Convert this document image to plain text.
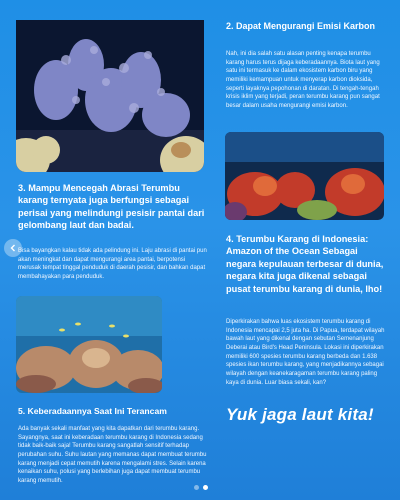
2. Dapat Mengurangi Emisi Karbon
Nah, ini dia salah satu alasan penting kenapa terumbu karang harus terus dijaga keberadaannya. Biota laut yang satu ini termasuk ke dalam ekosistem karbon biru yang memiliki kemampuan untuk menyerap karbon dioksida, seperti layaknya pepohonan di daratan. Di tengah-tengah krisis iklim yang terjadi, peran terumbu karang pun sangat besar dalam usaha mengurangi emisi karbon.
3. Mampu Mencegah Abrasi Terumbu karang ternyata juga berfungsi sebagai perisai yang melindungi pesisir pantai dari gelombang laut dan badai.
Bisa bayangkan kalau tidak ada pelindung ini. Laju abrasi di pantai pun akan meningkat dan dapat mengurangi area pantai, berpotensi merusak tempat tinggal penduduk di daerah pesisir, dan bahkan dapat membahayakan para penduduk.
4. Terumbu Karang di Indonesia: Amazon of the Ocean Sebagai negara kepulauan terbesar di dunia, negara kita juga dikenal sebagai pusat terumbu karang di dunia, lho!
Diperkirakan bahwa luas ekosistem terumbu karang di Indonesia mencapai 2,5 juta ha. Di Papua, terdapat wilayah bawah laut yang dikenal dengan sebutan Semenanjung Deberai atau Bird's Head Peninsula. Lokasi ini diperkirakan memiliki 600 spesies terumbu karang berbeda dan 1.638 spesies ikan terumbu karang, yang menjadikannya sebagai wilayah dengan keanekaragaman terumbu karang paling kaya di dunia. Luar biasa sekali, kan?
5. Keberadaannya Saat Ini Terancam
Ada banyak sekali manfaat yang kita dapatkan dari terumbu karang. Sayangnya, saat ini keberadaan terumbu karang di Indonesia sedang tidak baik-baik saja! Terumbu karang sangatlah sensitif terhadap perubahan suhu. Suhu lautan yang memanas dapat membuat terumbu karang menjadi cepat memutih karena mengalami stres. Selain karena kenaikan suhu, polusi yang berlebihan juga dapat membuat terumbu karang memutih.
Yuk jaga laut kita!
